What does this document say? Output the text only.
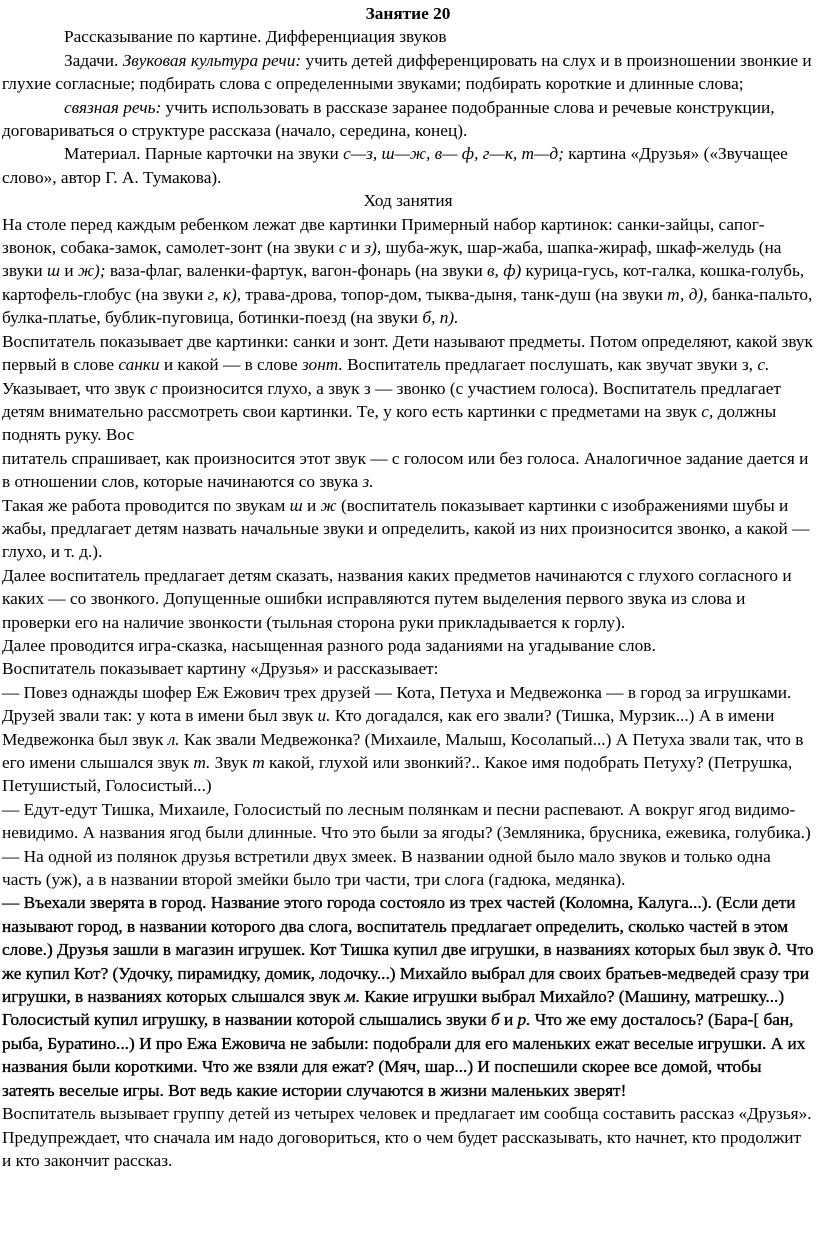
Занятие 20

Рассказывание по картине. Дифференциация звуков

Задачи. Звуковая культура речи: учить детей дифференцировать на слух и в произношении звонкие и глухие согласные; подбирать слова с определенными звуками; подбирать короткие и длинные слова;

связная речь: учить использовать в рассказе заранее подобранные слова и речевые конструкции, договариваться о структуре рассказа (начало, середина, конец).

Материал. Парные карточки на звуки с—з, ш—ж, в— ф, г—к, т—д; картина «Друзья» («Звучащее слово», автор Г. А. Тумакова).

Ход занятия

На столе перед каждым ребенком лежат две картинки Примерный набор картинок: санки-зайцы, сапог-звонок, собака-замок, самолет-зонт (на звуки с и з), шуба-жук, шар-жаба, шапка-жираф, шкаф-желудь (на звуки ш и ж); ваза-флаг, валенки-фартук, вагон-фонарь (на звуки в, ф) курица-гусь, кот-галка, кошка-голубь, картофель-глобус (на звуки г, к), трава-дрова, топор-дом, тыква-дыня, танк-душ (на звуки т, д), банка-пальто, булка-платье, бублик-пуговица, ботинки-поезд (на звуки б, п).

Воспитатель показывает две картинки: санки и зонт. Дети называют предметы. Потом определяют, какой звук первый в слове санки и какой — в слове зонт. Воспитатель предлагает послушать, как звучат звуки з, с. Указывает, что звук с произносится глухо, а звук з — звонко (с участием голоса). Воспитатель предлагает детям внимательно рассмотреть свои картинки. Те, у кого есть картинки с предметами на звук с, должны поднять руку. Вос

питатель спрашивает, как произносится этот звук — с голосом или без голоса. Аналогичное задание дается и в отношении слов, которые начинаются со звука з.

Такая же работа проводится по звукам ш и ж (воспитатель показывает картинки с изображениями шубы и жабы, предлагает детям назвать начальные звуки и определить, какой из них произносится звонко, а какой — глухо, и т. д.).

Далее воспитатель предлагает детям сказать, названия каких предметов начинаются с глухого согласного и каких — со звонкого. Допущенные ошибки исправляются путем выделения первого звука из слова и проверки его на наличие звонкости (тыльная сторона руки прикладывается к горлу).

Далее проводится игра-сказка, насыщенная разного рода заданиями на угадывание слов.

Воспитатель показывает картину «Друзья» и рассказывает:

— Повез однажды шофер Еж Ежович трех друзей — Кота, Петуха и Медвежонка — в город за игрушками. Друзей звали так: у кота в имени был звук и. Кто догадался, как его звали? (Тишка, Мурзик...) А в имени Медвежонка был звук л. Как звали Медвежонка? (Михаиле, Малыш, Косолапый...) А Петуха звали так, что в его имени слышался звук т. Звук т какой, глухой или звонкий?.. Какое имя подобрать Петуху? (Петрушка, Петушистый, Голосистый...)

— Едут-едут Тишка, Михаиле, Голосистый по лесным полянкам и песни распевают. А вокруг ягод видимо-невидимо. А названия ягод были длинные. Что это были за ягоды? (Земляника, брусника, ежевика, голубика.)

— На одной из полянок друзья встретили двух змеек. В названии одной было мало звуков и только одна часть (уж), а в названии второй змейки было три части, три слога (гадюка, медянка).

— Въехали зверята в город. Название этого города состояло из трех частей (Коломна, Калуга...). (Если дети называют город, в названии которого два слога, воспитатель предлагает определить, сколько частей в этом слове.) Друзья зашли в магазин игрушек. Кот Тишка купил две игрушки, в названиях которых был звук д. Что же купил Кот? (Удочку, пирамидку, домик, лодочку...) Михайло выбрал для своих братьев-медведей сразу три игрушки, в названиях которых слышался звук м. Какие игрушки выбрал Михайло? (Машину, матрешку...) Голосистый купил игрушку, в названии которой слышались звуки б и р. Что же ему досталось? (Бара-[ бан, рыба, Буратино...) И про Ежа Ежовича не забыли: подобрали для его маленьких ежат веселые игрушки. А их названия были короткими. Что же взяли для ежат? (Мяч, шар...) И поспешили скорее все домой, чтобы затеять веселые игры. Вот ведь какие истории случаются в жизни маленьких зверят!

Воспитатель вызывает группу детей из четырех человек и предлагает им сообща составить рассказ «Друзья». Предупреждает, что сначала им надо договориться, кто о чем будет рассказывать, кто начнет, кто продолжит и кто закончит рассказ.
